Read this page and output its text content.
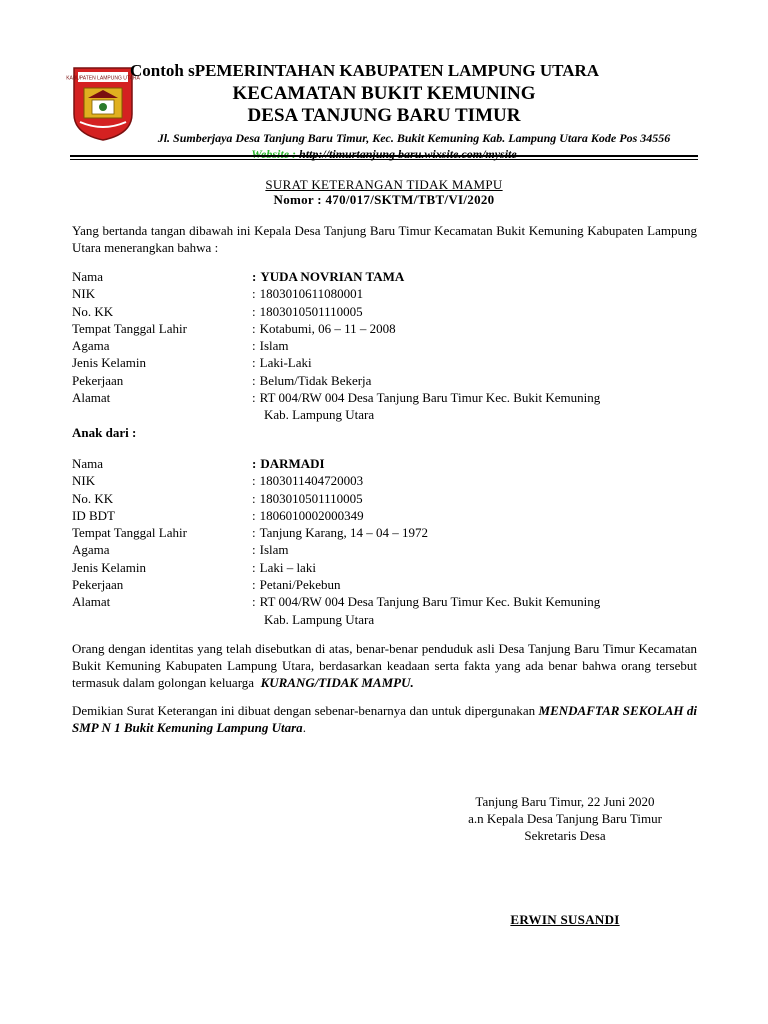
KABUPATEN LAMPUNG UTARA
Contoh sPEMERINTAHAN KABUPATEN LAMPUNG UTARA
KECAMATAN BUKIT KEMUNING
DESA TANJUNG BARU TIMUR
Jl. Sumberjaya Desa Tanjung Baru Timur, Kec. Bukit Kemuning Kab. Lampung Utara Kode Pos 34556
Website : http://timurtanjung baru.wixsite.com/mysite
SURAT KETERANGAN TIDAK MAMPU
Nomor : 470/017/SKTM/TBT/VI/2020
Yang bertanda tangan dibawah ini Kepala Desa Tanjung Baru Timur Kecamatan Bukit Kemuning Kabupaten Lampung Utara menerangkan bahwa :
Nama	: YUDA NOVRIAN TAMA
NIK	: 1803010611080001
No. KK	: 1803010501110005
Tempat Tanggal Lahir	: Kotabumi, 06 – 11 – 2008
Agama	: Islam
Jenis Kelamin	: Laki-Laki
Pekerjaan	: Belum/Tidak Bekerja
Alamat	: RT 004/RW 004 Desa Tanjung Baru Timur Kec. Bukit Kemuning
Kab. Lampung Utara
Anak dari :
Nama	: DARMADI
NIK	: 1803011404720003
No. KK	: 1803010501110005
ID BDT	: 1806010002000349
Tempat Tanggal Lahir	: Tanjung Karang, 14 – 04 – 1972
Agama	: Islam
Jenis Kelamin	: Laki – laki
Pekerjaan	: Petani/Pekebun
Alamat	: RT 004/RW 004 Desa Tanjung Baru Timur Kec. Bukit Kemuning
Kab. Lampung Utara
Orang dengan identitas yang telah disebutkan di atas, benar-benar penduduk asli Desa Tanjung Baru Timur Kecamatan Bukit Kemuning Kabupaten Lampung Utara, berdasarkan keadaan serta fakta yang ada benar bahwa orang tersebut termasuk dalam golongan keluarga KURANG/TIDAK MAMPU.
Demikian Surat Keterangan ini dibuat dengan sebenar-benarnya dan untuk dipergunakan MENDAFTAR SEKOLAH di SMP N 1 Bukit Kemuning Lampung Utara.
Tanjung Baru Timur, 22 Juni 2020
a.n Kepala Desa Tanjung Baru Timur
Sekretaris Desa
ERWIN SUSANDI
